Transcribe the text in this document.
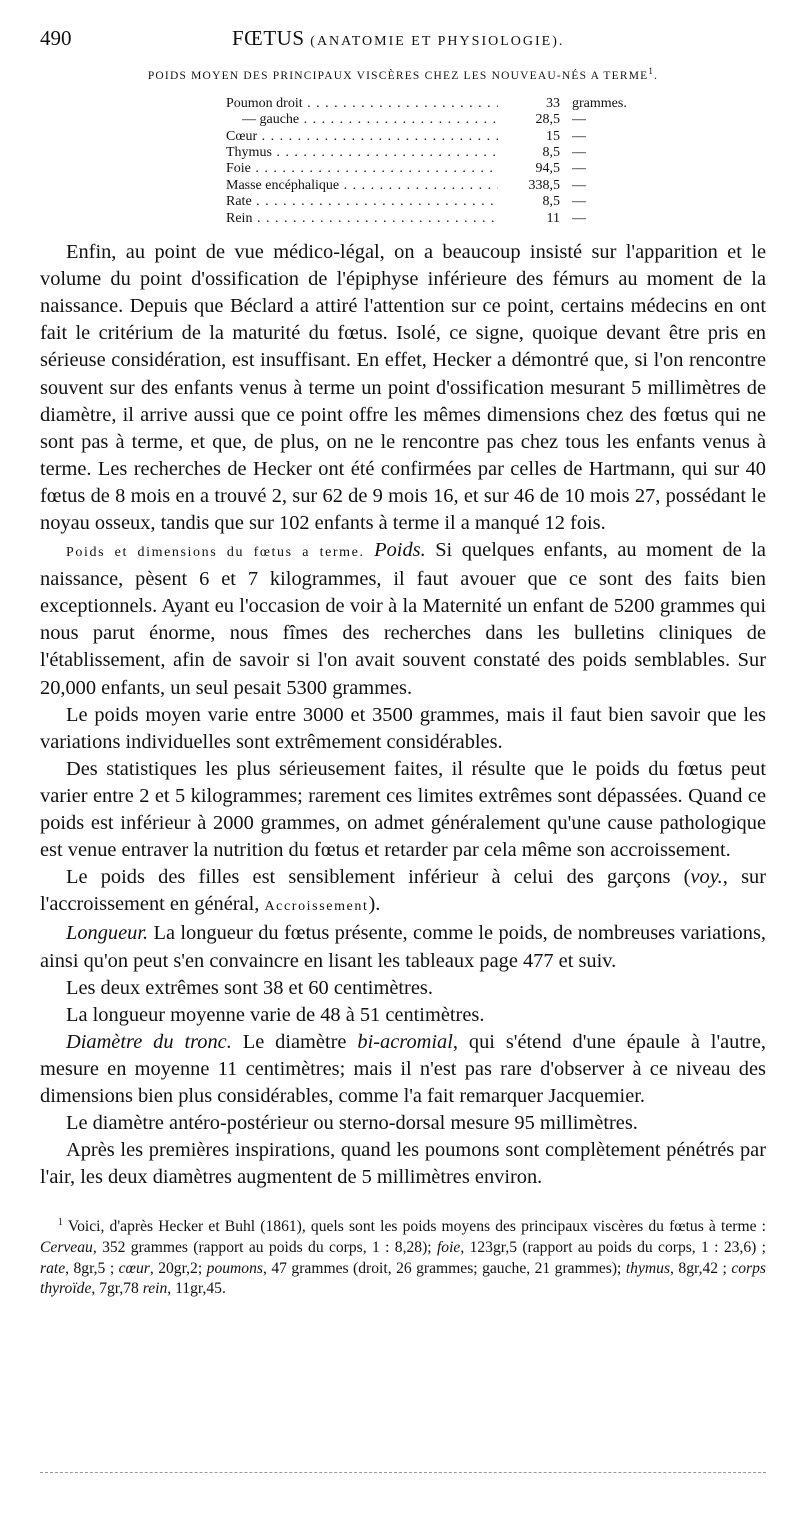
490	FŒTUS (ANATOMIE ET PHYSIOLOGIE).
POIDS MOYEN DES PRINCIPAUX VISCÈRES CHEZ LES NOUVEAU-NÉS A TERME$^1$.
Poumon droit . . .	33 grammes.
— gauche . . .	28,5 —
Cœur . . .	15 —
Thymus . . .	8,5 —
Foie . . .	94,5 —
Masse encéphalique . . .	338,5 —
Rate . . .	8,5 —
Rein . . .	11 —

Enfin, au point de vue médico-légal, on a beaucoup insisté sur l'apparition et le volume du point d'ossification de l'épiphyse inférieure des fémurs au moment de la naissance. Depuis que Béclard a attiré l'attention sur ce point, certains médecins en ont fait le critérium de la maturité du fœtus. Isolé, ce signe, quoique devant être pris en sérieuse considération, est insuffisant. En effet, Hecker a démontré que, si l'on rencontre souvent sur des enfants venus à terme un point d'ossification mesurant 5 millimètres de diamètre, il arrive aussi que ce point offre les mêmes dimensions chez des fœtus qui ne sont pas à terme, et que, de plus, on ne le rencontre pas chez tous les enfants venus à terme. Les recherches de Hecker ont été confirmées par celles de Hartmann, qui sur 40 fœtus de 8 mois en a trouvé 2, sur 62 de 9 mois 16, et sur 46 de 10 mois 27, possédant le noyau osseux, tandis que sur 102 enfants à terme il a manqué 12 fois.

Poids et dimensions du fœtus a terme. Poids. Si quelques enfants, au moment de la naissance, pèsent 6 et 7 kilogrammes, il faut avouer que ce sont des faits bien exceptionnels. Ayant eu l'occasion de voir à la Maternité un enfant de 5200 grammes qui nous parut énorme, nous fîmes des recherches dans les bulletins cliniques de l'établissement, afin de savoir si l'on avait souvent constaté des poids semblables. Sur 20,000 enfants, un seul pesait 5300 grammes.

Le poids moyen varie entre 3000 et 3500 grammes, mais il faut bien savoir que les variations individuelles sont extrêmement considérables.

Des statistiques les plus sérieusement faites, il résulte que le poids du fœtus peut varier entre 2 et 5 kilogrammes; rarement ces limites extrêmes sont dépassées. Quand ce poids est inférieur à 2000 grammes, on admet généralement qu'une cause pathologique est venue entraver la nutrition du fœtus et retarder par cela même son accroissement.

Le poids des filles est sensiblement inférieur à celui des garçons (voy., sur l'accroissement en général, Accroissement).

Longueur. La longueur du fœtus présente, comme le poids, de nombreuses variations, ainsi qu'on peut s'en convaincre en lisant les tableaux page 477 et suiv.

Les deux extrêmes sont 38 et 60 centimètres.

La longueur moyenne varie de 48 à 51 centimètres.

Diamètre du tronc. Le diamètre bi-acromial, qui s'étend d'une épaule à l'autre, mesure en moyenne 11 centimètres; mais il n'est pas rare d'observer à ce niveau des dimensions bien plus considérables, comme l'a fait remarquer Jacquemier.

Le diamètre antéro-postérieur ou sterno-dorsal mesure 95 millimètres.

Après les premières inspirations, quand les poumons sont complètement pénétrés par l'air, les deux diamètres augmentent de 5 millimètres environ.

$^1$ Voici, d'après Hecker et Buhl (1861), quels sont les poids moyens des principaux viscères du fœtus à terme : Cerveau, 352 grammes (rapport au poids du corps, 1 : 8,28); foie, 123gr,5 (rapport au poids du corps, 1 : 23,6) ; rate, 8gr,5 ; cœur, 20gr,2; poumons, 47 grammes (droit, 26 grammes; gauche, 21 grammes); thymus, 8gr,42 ; corps thyroïde, 7gr,78 rein, 11gr,45.
